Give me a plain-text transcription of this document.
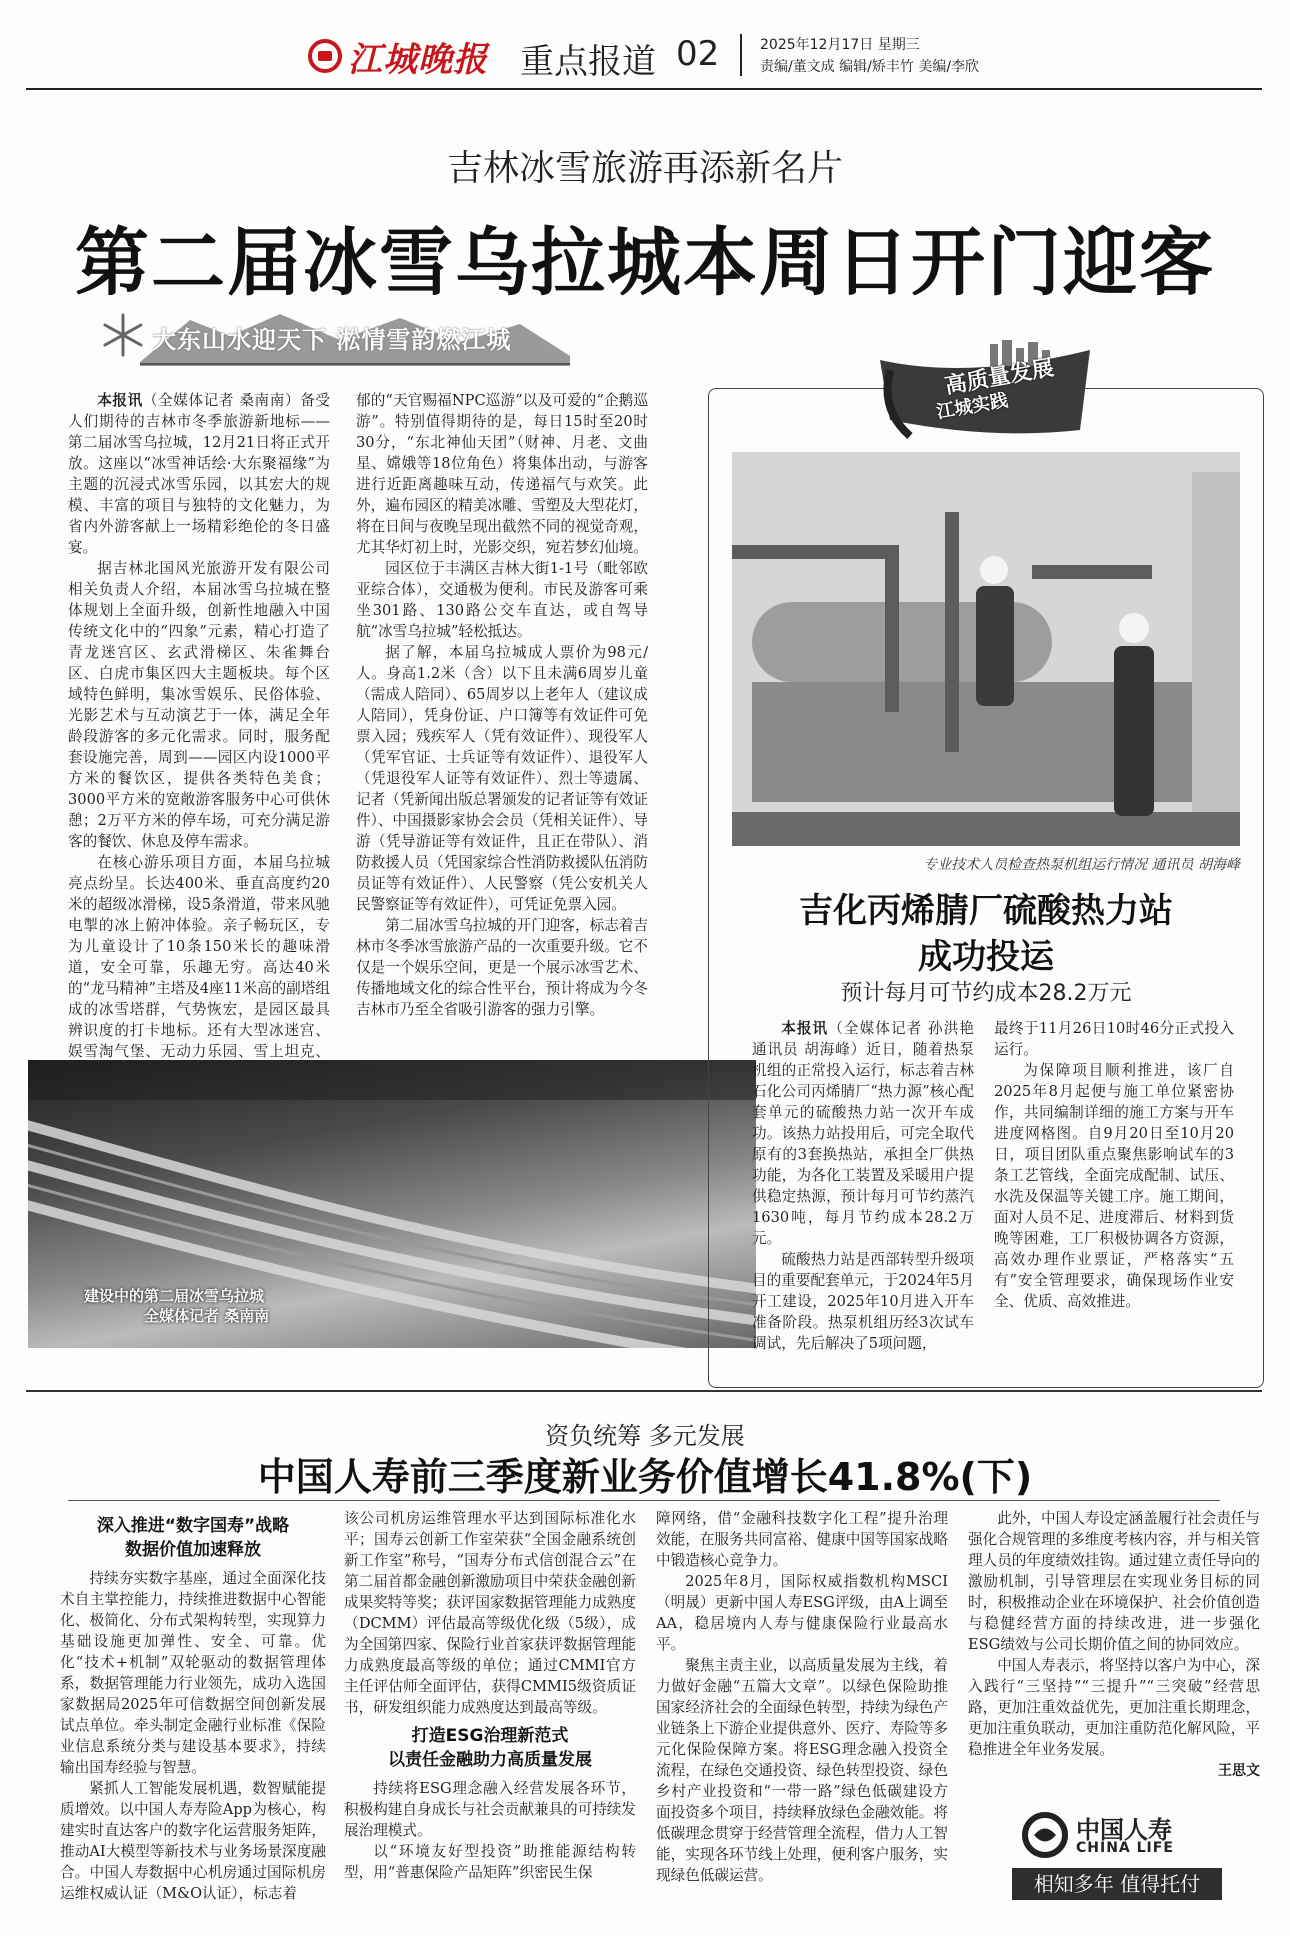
江城晚报 重点报道 02	2025年12月17日 星期三
责编/董文成 编辑/矫丰竹 美编/李欣
吉林冰雪旅游再添新名片
第二届冰雪乌拉城本周日开门迎客
大东山水迎天下 淞情雪韵燃江城

本报讯（全媒体记者 桑南南）备受人们期待的吉林市冬季旅游新地标——第二届冰雪乌拉城，12月21日将正式开放。这座以“冰雪神话绘·大东聚福缘”为主题的沉浸式冰雪乐园，以其宏大的规模、丰富的项目与独特的文化魅力，为省内外游客献上一场精彩绝伦的冬日盛宴。

据吉林北国风光旅游开发有限公司相关负责人介绍，本届冰雪乌拉城在整体规划上全面升级，创新性地融入中国传统文化中的“四象”元素，精心打造了青龙迷宫区、玄武滑梯区、朱雀舞台区、白虎市集区四大主题板块。每个区域特色鲜明，集冰雪娱乐、民俗体验、光影艺术与互动演艺于一体，满足全年龄段游客的多元化需求。同时，服务配套设施完善，周到——园区内设1000平方米的餐饮区，提供各类特色美食；3000平方米的宽敞游客服务中心可供休憩；2万平方米的停车场，可充分满足游客的餐饮、休息及停车需求。

在核心游乐项目方面，本届乌拉城亮点纷呈。长达400米、垂直高度约20米的超级冰滑梯，设5条滑道，带来风驰电掣的冰上俯冲体验。亲子畅玩区，专为儿童设计了10条150米长的趣味滑道，安全可靠，乐趣无穷。高达40米的“龙马精神”主塔及4座11米高的副塔组成的冰雪塔群，气势恢宏，是园区最具辨识度的打卡地标。还有大型冰迷宫、娱雪淘气堡、无动力乐园、雪上坦克、

郁的“天官赐福NPC巡游”以及可爱的“企鹅巡游”。特别值得期待的是，每日15时至20时30分，“东北神仙天团”（财神、月老、文曲星、嫦娥等18位角色）将集体出动，与游客进行近距离趣味互动，传递福气与欢笑。此外，遍布园区的精美冰雕、雪塑及大型花灯，将在日间与夜晚呈现出截然不同的视觉奇观，尤其华灯初上时，光影交织，宛若梦幻仙境。

园区位于丰满区吉林大街1-1号（毗邻欧亚综合体），交通极为便利。市民及游客可乘坐301路、130路公交车直达，或自驾导航“冰雪乌拉城”轻松抵达。

据了解，本届乌拉城成人票价为98元/人。身高1.2米（含）以下且未满6周岁儿童（需成人陪同）、65周岁以上老年人（建议成人陪同），凭身份证、户口簿等有效证件可免票入园；残疾军人（凭有效证件）、现役军人（凭军官证、士兵证等有效证件）、退役军人（凭退役军人证等有效证件）、烈士等遗属、记者（凭新闻出版总署颁发的记者证等有效证件）、中国摄影家协会会员（凭相关证件）、导游（凭导游证等有效证件，且正在带队）、消防救援人员（凭国家综合性消防救援队伍消防员证等有效证件）、人民警察（凭公安机关人民警察证等有效证件），可凭证免票入园。

第二届冰雪乌拉城的开门迎客，标志着吉林市冬季冰雪旅游产品的一次重要升级。它不仅是一个娱乐空间，更是一个展示冰雪艺术、传播地域文化的综合性平台，预计将成为今冬吉林市乃至全省吸引游客的强力引擎。

建设中的第二届冰雪乌拉城
全媒体记者 桑南南
高质量发展
江城实践
专业技术人员检查热泵机组运行情况 通讯员 胡海峰
吉化丙烯腈厂硫酸热力站
成功投运
预计每月可节约成本28.2万元

本报讯（全媒体记者 孙洪艳 通讯员 胡海峰）近日，随着热泵机组的正常投入运行，标志着吉林石化公司丙烯腈厂“热力源”核心配套单元的硫酸热力站一次开车成功。该热力站投用后，可完全取代原有的3套换热站，承担全厂供热功能，为各化工装置及采暖用户提供稳定热源，预计每月可节约蒸汽1630吨，每月节约成本28.2万元。

硫酸热力站是西部转型升级项目的重要配套单元，于2024年5月开工建设，2025年10月进入开车准备阶段。热泵机组历经3次试车调试，先后解决了5项问题，

最终于11月26日10时46分正式投入运行。

为保障项目顺利推进，该厂自2025年8月起便与施工单位紧密协作，共同编制详细的施工方案与开车进度网格图。自9月20日至10月20日，项目团队重点聚焦影响试车的3条工艺管线，全面完成配制、试压、水洗及保温等关键工序。施工期间，面对人员不足、进度滞后、材料到货晚等困难，工厂积极协调各方资源，高效办理作业票证，严格落实“五有”安全管理要求，确保现场作业安全、优质、高效推进。

资负统筹 多元发展
中国人寿前三季度新业务价值增长41.8%(下)
深入推进“数字国寿”战略
数据价值加速释放

持续夯实数字基座，通过全面深化技术自主掌控能力，持续推进数据中心智能化、极简化、分布式架构转型，实现算力基础设施更加弹性、安全、可靠。优化“技术+机制”双轮驱动的数据管理体系，数据管理能力行业领先，成功入选国家数据局2025年可信数据空间创新发展试点单位。牵头制定金融行业标准《保险业信息系统分类与建设基本要求》，持续输出国寿经验与智慧。

紧抓人工智能发展机遇，数智赋能提质增效。以中国人寿寿险App为核心，构建实时直达客户的数字化运营服务矩阵，推动AI大模型等新技术与业务场景深度融合。中国人寿数据中心机房通过国际机房运维权威认证（M&O认证），标志着

该公司机房运维管理水平达到国际标准化水平；国寿云创新工作室荣获“全国金融系统创新工作室”称号，“国寿分布式信创混合云”在第二届首都金融创新激励项目中荣获金融创新成果奖特等奖；获评国家数据管理能力成熟度（DCMM）评估最高等级优化级（5级），成为全国第四家、保险行业首家获评数据管理能力成熟度最高等级的单位；通过CMMI官方主任评估师全面评估，获得CMMI5级资质证书，研发组织能力成熟度达到最高等级。

打造ESG治理新范式
以责任金融助力高质量发展

持续将ESG理念融入经营发展各环节，积极构建自身成长与社会贡献兼具的可持续发展治理模式。

以“环境友好型投资”助推能源结构转型，用“普惠保险产品矩阵”织密民生保

障网络，借“金融科技数字化工程”提升治理效能，在服务共同富裕、健康中国等国家战略中锻造核心竞争力。

2025年8月，国际权威指数机构MSCI（明晟）更新中国人寿ESG评级，由A上调至AA，稳居境内人寿与健康保险行业最高水平。

聚焦主责主业，以高质量发展为主线，着力做好金融“五篇大文章”。以绿色保险助推国家经济社会的全面绿色转型，持续为绿色产业链条上下游企业提供意外、医疗、寿险等多元化保险保障方案。将ESG理念融入投资全流程，在绿色交通投资、绿色转型投资、绿色乡村产业投资和“一带一路”绿色低碳建设方面投资多个项目，持续释放绿色金融效能。将低碳理念贯穿于经营管理全流程，借力人工智能，实现各环节线上处理，便利客户服务，实现绿色低碳运营。

此外，中国人寿设定涵盖履行社会责任与强化合规管理的多维度考核内容，并与相关管理人员的年度绩效挂钩。通过建立责任导向的激励机制，引导管理层在实现业务目标的同时，积极推动企业在环境保护、社会价值创造与稳健经营方面的持续改进，进一步强化ESG绩效与公司长期价值之间的协同效应。

中国人寿表示，将坚持以客户为中心，深入践行“三坚持”“三提升”“三突破”经营思路，更加注重效益优先，更加注重长期理念，更加注重负联动，更加注重防范化解风险，平稳推进全年业务发展。

王思文
中国人寿
CHINA LIFE
相知多年 值得托付
